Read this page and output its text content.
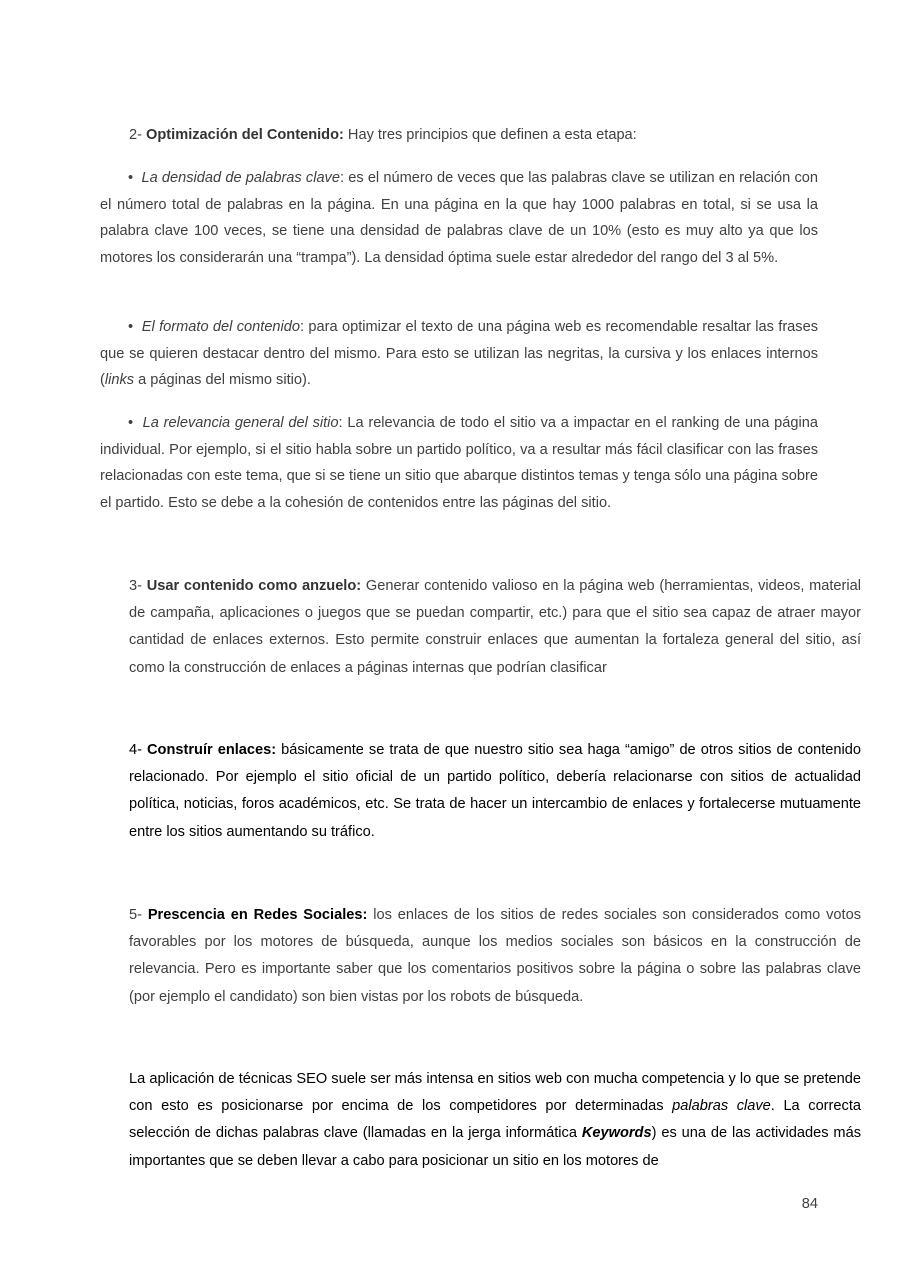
2- Optimización del Contenido: Hay tres principios que definen a esta etapa:

• La densidad de palabras clave: es el número de veces que las palabras clave se utilizan en relación con el número total de palabras en la página. En una página en la que hay 1000 palabras en total, si se usa la palabra clave 100 veces, se tiene una densidad de palabras clave de un 10% (esto es muy alto ya que los motores los considerarán una “trampa”). La densidad óptima suele estar alrededor del rango del 3 al 5%.

• El formato del contenido: para optimizar el texto de una página web es recomendable resaltar las frases que se quieren destacar dentro del mismo. Para esto se utilizan las negritas, la cursiva y los enlaces internos (links a páginas del mismo sitio).

• La relevancia general del sitio: La relevancia de todo el sitio va a impactar en el ranking de una página individual. Por ejemplo, si el sitio habla sobre un partido político, va a resultar más fácil clasificar con las frases relacionadas con este tema, que si se tiene un sitio que abarque distintos temas y tenga sólo una página sobre el partido. Esto se debe a la cohesión de contenidos entre las páginas del sitio.

3- Usar contenido como anzuelo: Generar contenido valioso en la página web (herramientas, videos, material de campaña, aplicaciones o juegos que se puedan compartir, etc.) para que el sitio sea capaz de atraer mayor cantidad de enlaces externos. Esto permite construir enlaces que aumentan la fortaleza general del sitio, así como la construcción de enlaces a páginas internas que podrían clasificar

4- Construír enlaces: básicamente se trata de que nuestro sitio sea haga “amigo” de otros sitios de contenido relacionado. Por ejemplo el sitio oficial de un partido político, debería relacionarse con sitios de actualidad política, noticias, foros académicos, etc. Se trata de hacer un intercambio de enlaces y fortalecerse mutuamente entre los sitios aumentando su tráfico.

5- Prescencia en Redes Sociales: los enlaces de los sitios de redes sociales son considerados como votos favorables por los motores de búsqueda, aunque los medios sociales son básicos en la construcción de relevancia. Pero es importante saber que los comentarios positivos sobre la página o sobre las palabras clave (por ejemplo el candidato) son bien vistas por los robots de búsqueda.

La aplicación de técnicas SEO suele ser más intensa en sitios web con mucha competencia y lo que se pretende con esto es posicionarse por encima de los competidores por determinadas palabras clave. La correcta selección de dichas palabras clave (llamadas en la jerga informática Keywords) es una de las actividades más importantes que se deben llevar a cabo para posicionar un sitio en los motores de

84
